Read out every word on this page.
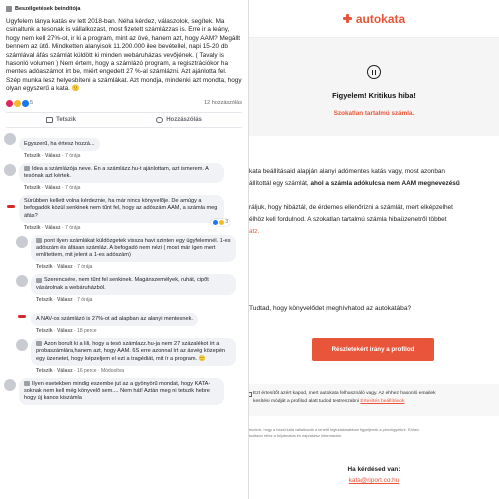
Beszélgetések beindítója
Ugyfelem lánya katás ev lett 2018-ban. Néha kérdez, válaszolok, segítek. Ma csinaltunk a tesonak is vállalkozast, most fizetett számlázzas is. Erre ir a leány, hogy nem kell 27%-ot, ir ki a program, mint az övé, hanem azt, hogy AAM? Megállt bennem az ütő. Mindketten alanyisok 11.200.000 ilee bevétellel, napi 15-20 db számlával áfás számlát küldött ki minden webáruházas vevőjének. ( Tavaly is hasonló volumen ) Nem értem, hogy a számlázó program, a regisztrációkor ha mentes adóaszámot írt be, miért engedett 27 %-al számlázni. Azt ajánlotta fel. Szép munka lesz helyesbíteni a számlákat. Azt mondja, mindenki azt mondta, hogy olyan egyszerű a kata. 🙁
5	12 hozzászólás
Tetszik	Hozzászólás
Egyszerű, ha értesz hozzá...
Tetszik · Válasz · 7 órája
Idea a számlázója neve. Én a számlázz.hu-t ajánlottam, azt ismerem. A tesónak azt kértek.
Tetszik · Válasz · 7 órája
Sürübben kellett volna kérdeznie, ha már nincs könyvelője. De amúgy a befogadók közül senkinek nem tűnt fel, hogy az adószám AAM, a számla meg áfás?
3
Tetszik · Válasz · 7 órája
pont ilyen számlákat küldözgetek vissza havi szinten egy ügyfelemnél. 1-es adószám és áfásan számláz. A befogadó nem nézi ( most már ígen mert említettem, mit jelent a 1-es adószám)
Tetszik · Válasz · 7 órája
Szerencsére, nem tűnt fel senkinek. Magánszemélyek, ruhát, cipőt vásárolnak a webáruházból.
Tetszik · Válasz · 7 órája
A NAV-os számlázó is 27%-ot ad alapban az alanyi mentesnek.
Tetszik · Válasz · 18 perce
Azon borult ki a lili, hogy a tesó számlazz.hu-ja nem 27 százalékot írt a probaszámlára,hanem azt, hogy AAM. 6S erre azonnal írt az ásvég közepén egy üzenetet, hogy képzeljem el ezt a tragédiát, mit ír a program. 🙁
Tetszik · Válasz · 16 perce · Módosítva
Ilyen esetekben mindig eszembe jut az a gyönyörű mondat, hogy KATA-soknak nem kell még könyvelő sem.... Nem hát! Aztán meg ni tetszik hebre hogy új kanos kiszámla
autokata
Figyelem! Kritikus hiba!
Szokatlan tartalmú számla.

kata beállításaid alapján alanyi adómentes katás vagy, most azonban

állítottál egy számlát, ahol a számla adókulcsa nem AAM megnevezésű

ráljuk, hogy hibáztál, de érdemes ellenőrizni a számlát, mert elképzelhet

élhöz kell fordulnod. A szokatlan tartalmú számla hibaüzenetről többet

atz.

Tudtad, hogy könyvelődet meghívhatod az autokatába?
Részletekért irány a profilod
Ezt értesítőt azért kapod, mert autokata felhasználó vagy. Az ehhez hasonló emailek
kesítési módját a profilod alatt tudod testreszabni Értesítés beállítások
észünk, hogy a hazai kata vállalkozók a lehető legtudatosabban figyeljenek a pénzügyeikre. Ehhez
tudáson rétez a folyamatos és naprakész információn.
Ha kérdésed van:
kata@riport.co.hu
